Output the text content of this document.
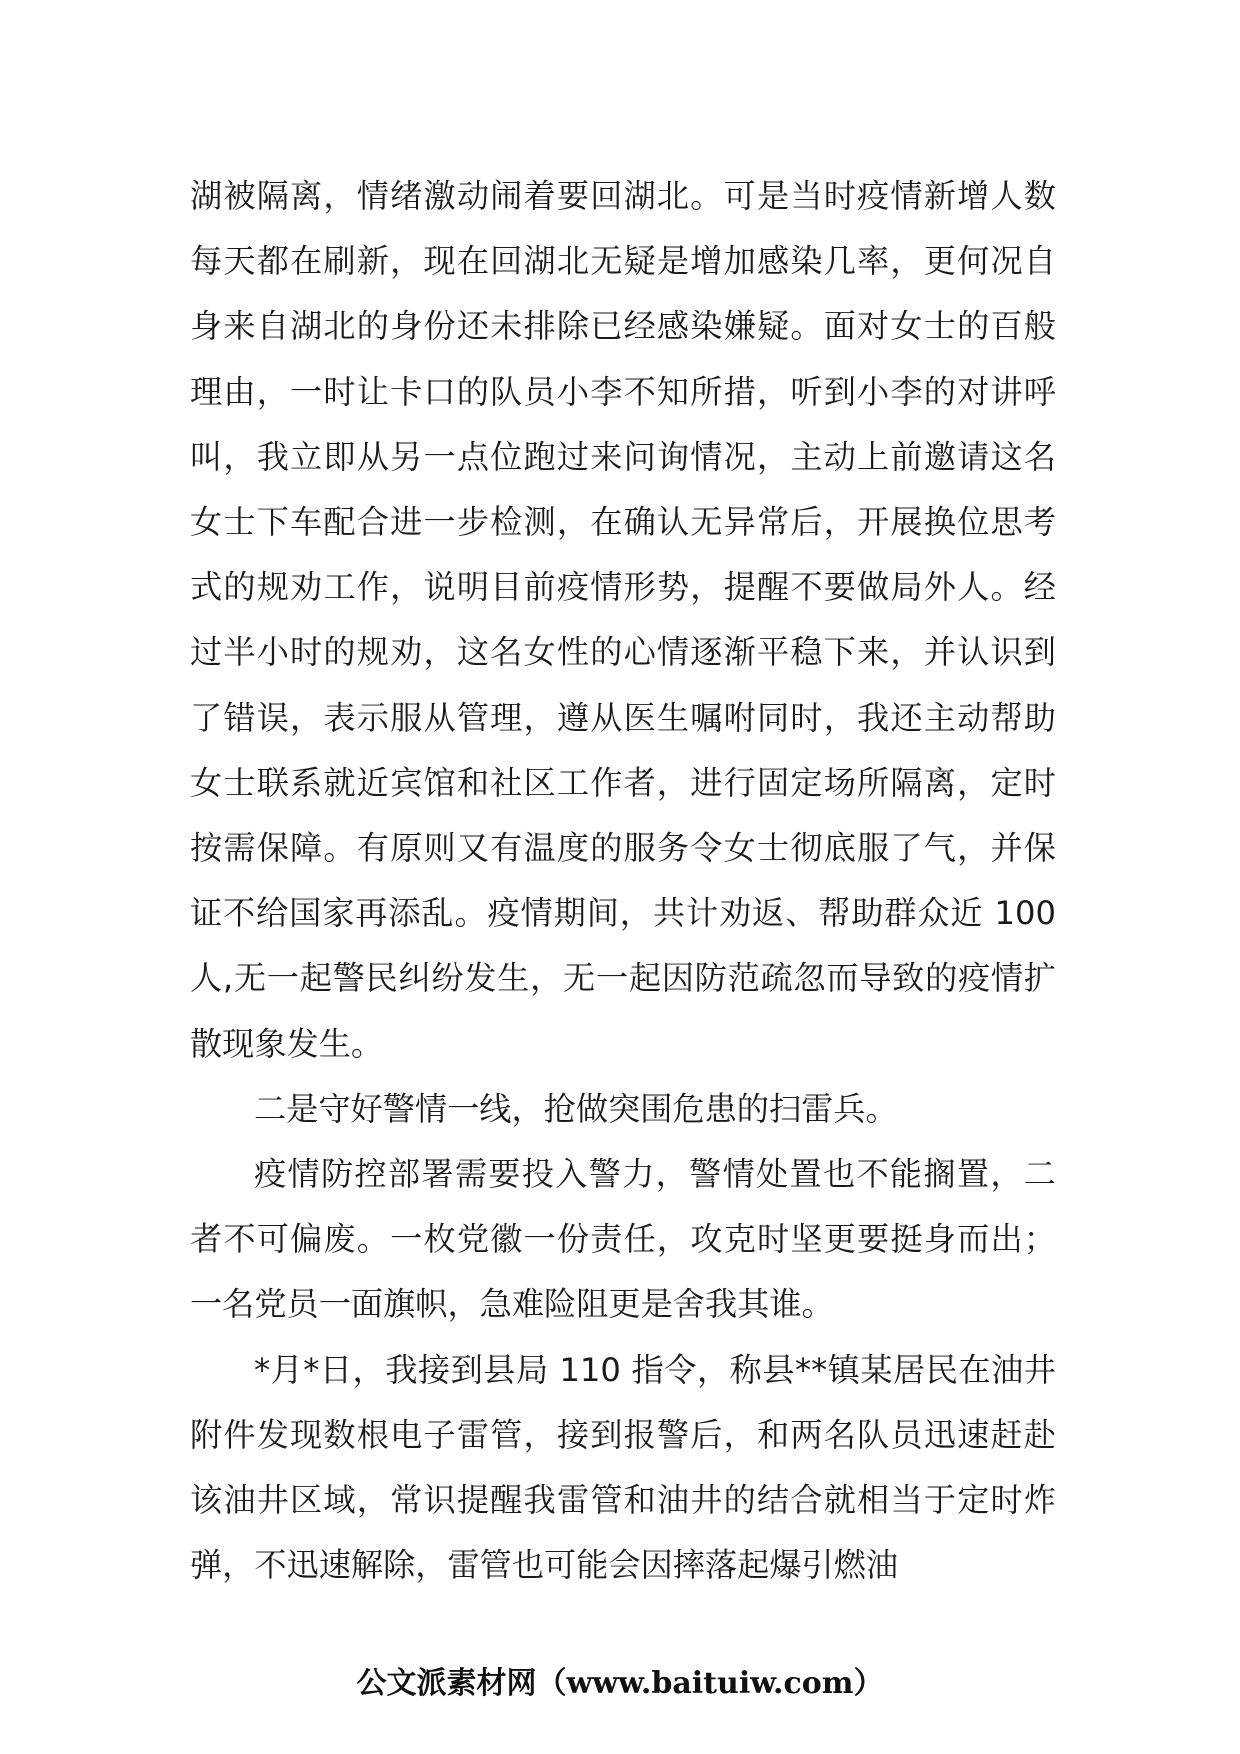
湖被隔离，情绪激动闹着要回湖北。可是当时疫情新增人数每天都在刷新，现在回湖北无疑是增加感染几率，更何况自身来自湖北的身份还未排除已经感染嫌疑。面对女士的百般理由，一时让卡口的队员小李不知所措，听到小李的对讲呼叫，我立即从另一点位跑过来问询情况，主动上前邀请这名女士下车配合进一步检测，在确认无异常后，开展换位思考式的规劝工作，说明目前疫情形势，提醒不要做局外人。经过半小时的规劝，这名女性的心情逐渐平稳下来，并认识到了错误，表示服从管理，遵从医生嘱咐同时，我还主动帮助女士联系就近宾馆和社区工作者，进行固定场所隔离，定时按需保障。有原则又有温度的服务令女士彻底服了气，并保证不给国家再添乱。疫情期间，共计劝返、帮助群众近 100 人,无一起警民纠纷发生，无一起因防范疏忽而导致的疫情扩散现象发生。

二是守好警情一线，抢做突围危患的扫雷兵。

疫情防控部署需要投入警力，警情处置也不能搁置，二者不可偏废。一枚党徽一份责任，攻克时坚更要挺身而出；一名党员一面旗帜，急难险阻更是舍我其谁。

*月*日，我接到县局 110 指令，称县**镇某居民在油井附件发现数根电子雷管，接到报警后，和两名队员迅速赶赴该油井区域，常识提醒我雷管和油井的结合就相当于定时炸弹，不迅速解除，雷管也可能会因摔落起爆引燃油

公文派素材网（www.baituiw.com）
